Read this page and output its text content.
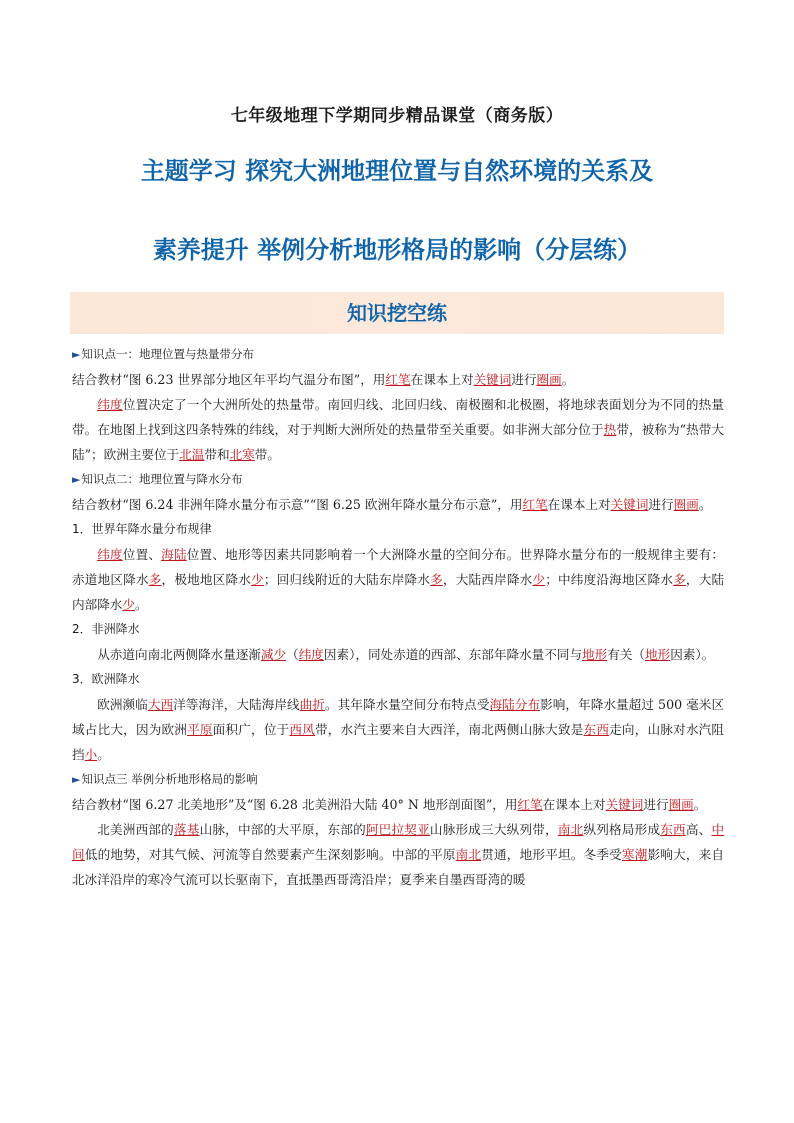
七年级地理下学期同步精品课堂（商务版）
主题学习 探究大洲地理位置与自然环境的关系及
素养提升 举例分析地形格局的影响（分层练）
知识挖空练

►知识点一：地理位置与热量带分布

结合教材“图 6.23 世界部分地区年平均气温分布图”，用红笔在课本上对关键词进行圈画。

纬度位置决定了一个大洲所处的热量带。南回归线、北回归线、南极圈和北极圈，将地球表面划分为不同的热量带。在地图上找到这四条特殊的纬线，对于判断大洲所处的热量带至关重要。如非洲大部分位于热带，被称为“热带大陆”；欧洲主要位于北温带和北寒带。

►知识点二：地理位置与降水分布

结合教材“图 6.24 非洲年降水量分布示意”“图 6.25 欧洲年降水量分布示意”，用红笔在课本上对关键词进行圈画。

1．世界年降水量分布规律

纬度位置、海陆位置、地形等因素共同影响着一个大洲降水量的空间分布。世界降水量分布的一般规律主要有：赤道地区降水多，极地地区降水少；回归线附近的大陆东岸降水多，大陆西岸降水少；中纬度沿海地区降水多，大陆内部降水少。

2．非洲降水

从赤道向南北两侧降水量逐渐减少（纬度因素），同处赤道的西部、东部年降水量不同与地形有关（地形因素）。

3．欧洲降水

欧洲濒临大西洋等海洋，大陆海岸线曲折。其年降水量空间分布特点受海陆分布影响，年降水量超过 500 毫米区域占比大，因为欧洲平原面积广，位于西风带，水汽主要来自大西洋，南北两侧山脉大致是东西走向，山脉对水汽阻挡小。

►知识点三 举例分析地形格局的影响

结合教材“图 6.27 北美地形”及“图 6.28 北美洲沿大陆 40° N 地形剖面图”，用红笔在课本上对关键词进行圈画。

北美洲西部的落基山脉，中部的大平原，东部的阿巴拉契亚山脉形成三大纵列带，南北纵列格局形成东西高、中间低的地势，对其气候、河流等自然要素产生深刻影响。中部的平原南北贯通，地形平坦。冬季受寒潮影响大，来自北冰洋沿岸的寒冷气流可以长驱南下，直抵墨西哥湾沿岸；夏季来自墨西哥湾的暖
